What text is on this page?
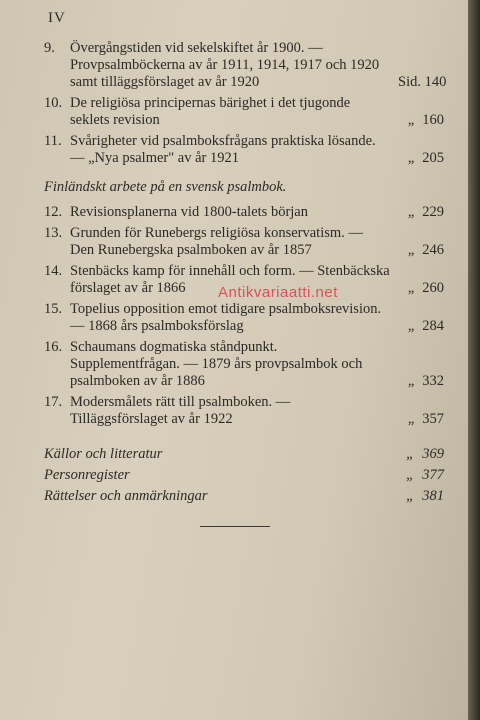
IV
9.	Övergångstiden vid sekelskiftet år 1900. — Provpsalmböckerna av år 1911, 1914, 1917 och 1920 samt tilläggsförslaget av år 1920	Sid. 140
10. De religiösa principernas bärighet i det tjugonde seklets revision	„ 160
11. Svårigheter vid psalmboksfrågans praktiska lösande. — „Nya psalmer" av år 1921	„ 205
Finländskt arbete på en svensk psalmbok.
12. Revisionsplanerna vid 1800-talets början	„ 229
13. Grunden för Runebergs religiösa konservatism. — Den Runebergska psalmboken av år 1857	„ 246
14. Stenbäcks kamp för innehåll och form. — Stenbäckska förslaget av år 1866	„ 260
15. Topelius opposition emot tidigare psalmboksrevision. — 1868 års psalmboksförslag	„ 284
16. Schaumans dogmatiska ståndpunkt. Supplementfrågan. — 1879 års provpsalmbok och psalmboken av år 1886	„ 332
17. Modersmålets rätt till psalmboken. — Tilläggsförslaget av år 1922	„ 357
Källor och litteratur	„ 369
Personregister	„ 377
Rättelser och anmärkningar	„ 381
Antikvariaatti.net
